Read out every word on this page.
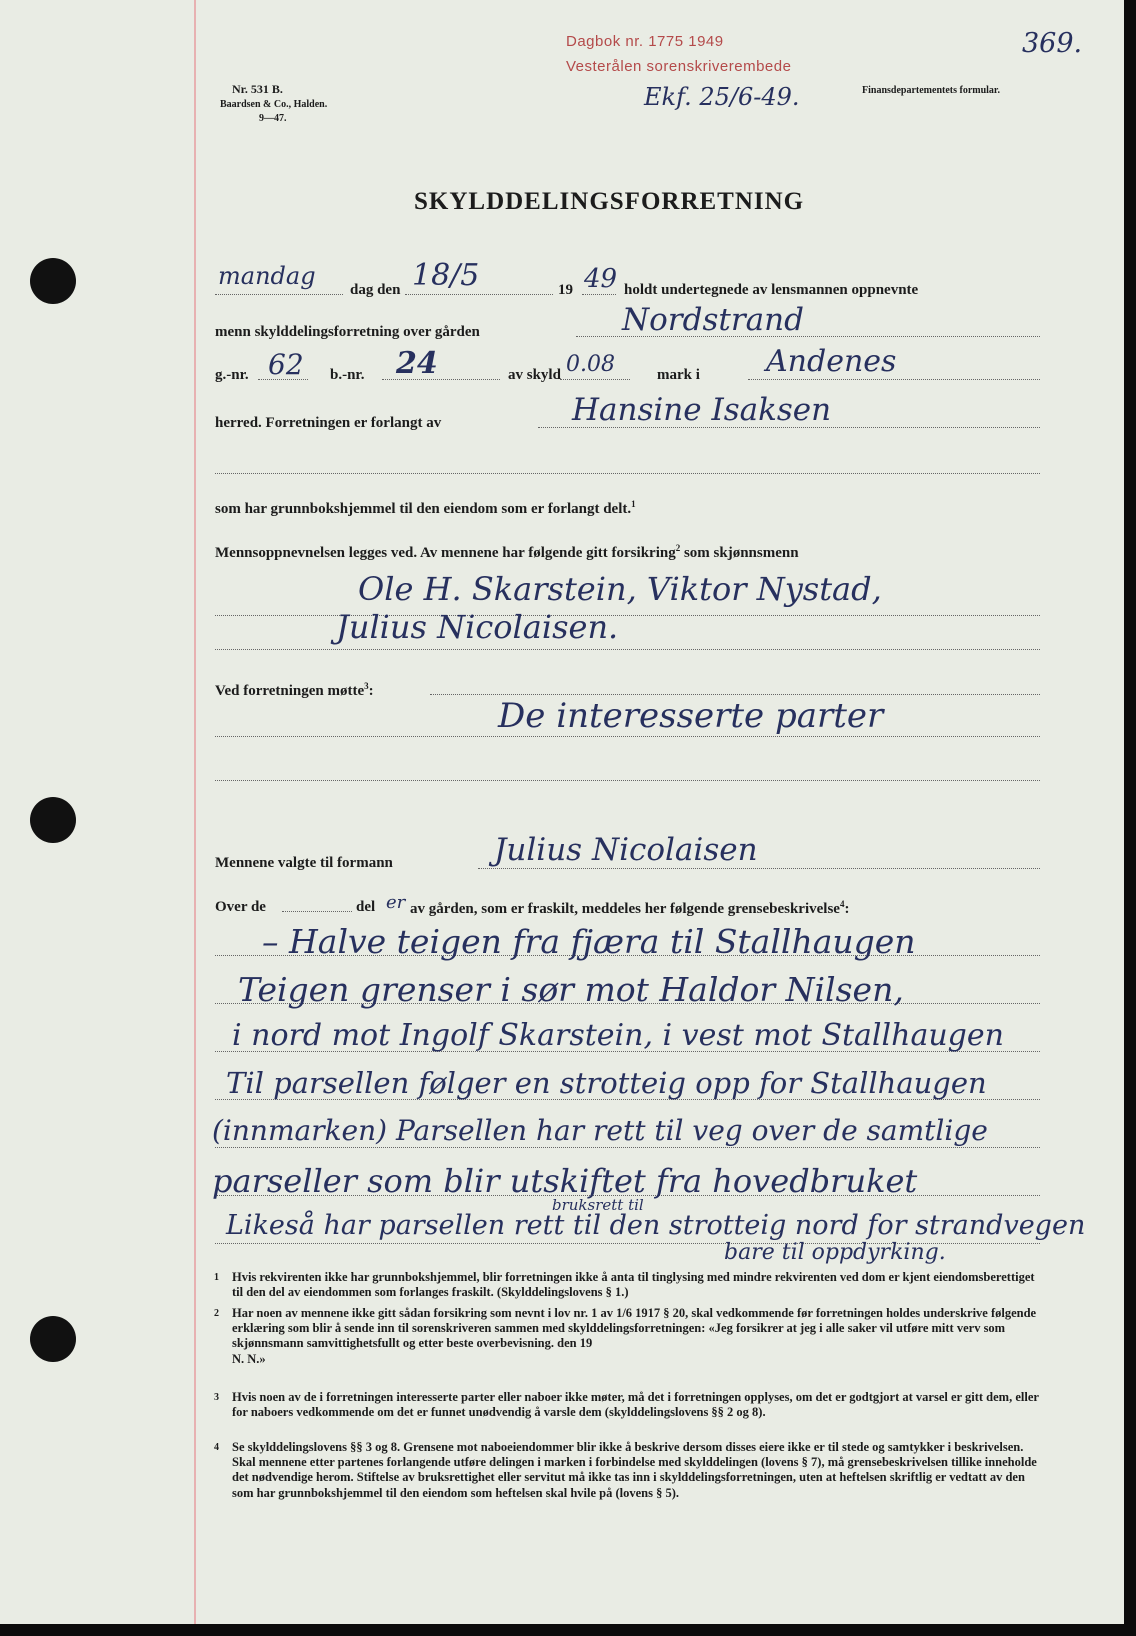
Nr. 531 B.
Baardsen & Co., Halden.
9—47.
Dagbok nr. 1775 1949
Vesterålen sorenskriverembede
Ekf. 25/6-49.	Finansdepartementets formular.
369.
SKYLDDELINGSFORRETNING
mandag dag den 18/5	19 49 holdt undertegnede av lensmannen oppnevnte
menn skylddelingsforretning over gården	Nordstrand
g.-nr. 62 b.-nr. 24	av skyld 0.08	mark i Andenes
herred. Forretningen er forlangt av	Hansine Isaksen
som har grunnbokshjemmel til den eiendom som er forlangt delt.$^1$
Mennsoppnevnelsen legges ved. Av mennene har følgende gitt forsikring$^2$ som skjønnsmenn
Ole H. Skarstein, Viktor Nystad,
Julius Nicolaisen.
Ved forretningen møtte$^3$:
De interesserte parter
Mennene valgte til formann	Julius Nicolaisen
Over de	del er av gården, som er fraskilt, meddeles her følgende grensebeskrivelse$^4$:
– Halve teigen fra fjæra til Stallhaugen
Teigen grenser i sør mot Haldor Nilsen,
i nord mot Ingolf Skarstein, i vest mot Stallhaugen
Til parsellen følger en strotteig opp for Stallhaugen
(innmarken) Parsellen har rett til veg over de samtlige
parseller som blir utskiftet fra hovedbruket
Likeså har parsellen rett til den strotteig nord for strandvegen
bruksrett til
bare til oppdyrking.
1 Hvis rekvirenten ikke har grunnbokshjemmel, blir forretningen ikke å anta til tinglysing med mindre rekvirenten ved dom er kjent eiendomsberettiget til den del av eiendommen som forlanges fraskilt. (Skylddelingslovens § 1.)
2 Har noen av mennene ikke gitt sådan forsikring som nevnt i lov nr. 1 av 1/6 1917 § 20, skal vedkommende før forretningen holdes underskrive følgende erklæring som blir å sende inn til sorenskriveren sammen med skylddelingsforretningen: «Jeg forsikrer at jeg i alle saker vil utføre mitt verv som skjønnsmann samvittighetsfullt og etter beste overbevisning. den 19
N. N.»
3 Hvis noen av de i forretningen interesserte parter eller naboer ikke møter, må det i forretningen opplyses, om det er godtgjort at varsel er gitt dem, eller for naboers vedkommende om det er funnet unødvendig å varsle dem (skylddelingslovens §§ 2 og 8).
4 Se skylddelingslovens §§ 3 og 8. Grensene mot naboeiendommer blir ikke å beskrive dersom disses eiere ikke er til stede og samtykker i beskrivelsen. Skal mennene etter partenes forlangende utføre delingen i marken i forbindelse med skylddelingen (lovens § 7), må grensebeskrivelsen tillike inneholde det nødvendige herom. Stiftelse av bruksrettighet eller servitut må ikke tas inn i skylddelingsforretningen, uten at heftelsen skriftlig er vedtatt av den som har grunnbokshjemmel til den eiendom som heftelsen skal hvile på (lovens § 5).
